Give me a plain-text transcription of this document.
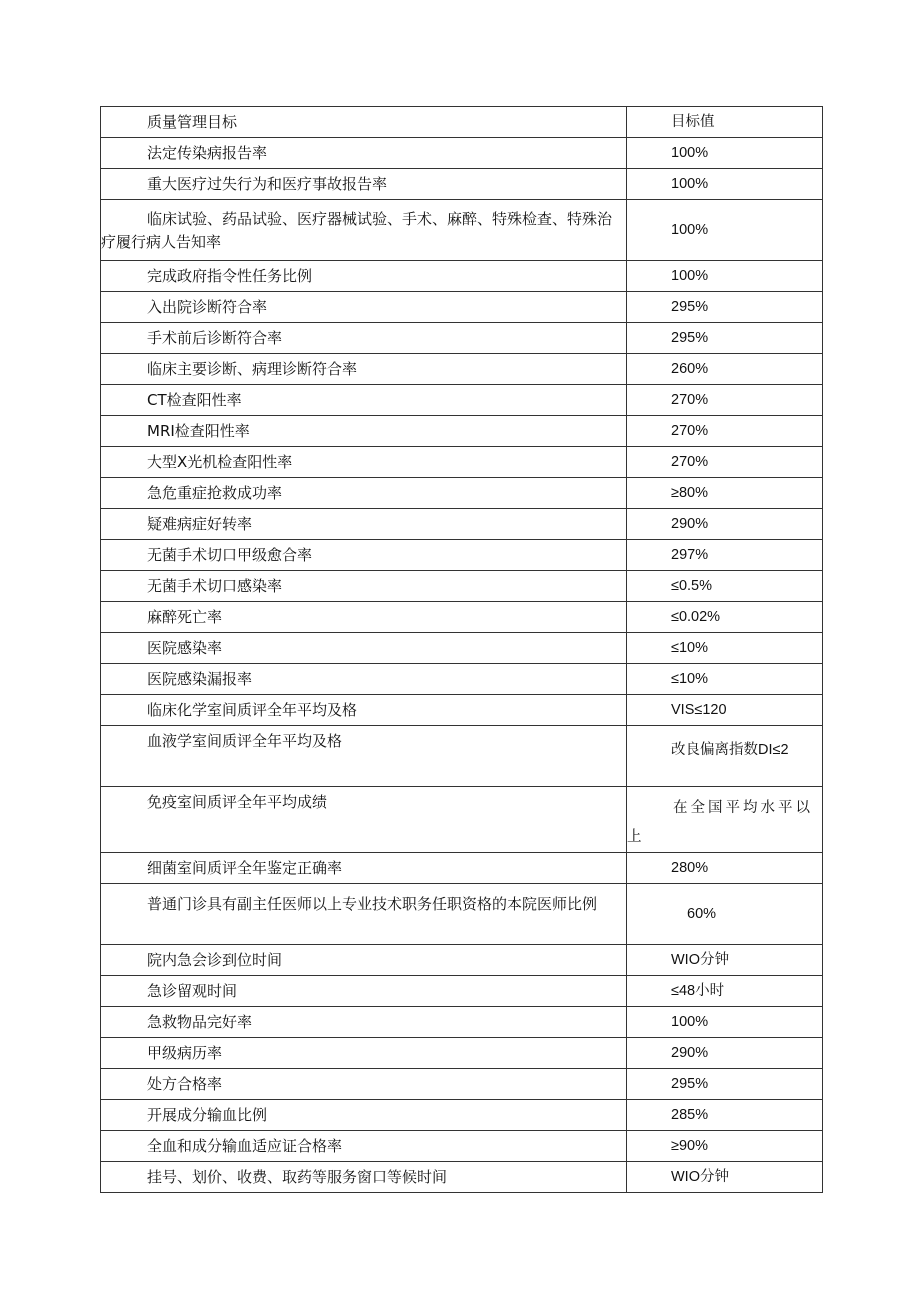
质量管理目标	目标值

法定传染病报告率	100%

重大医疗过失行为和医疗事故报告率	100%

临床试验、药品试验、医疗器械试验、手术、麻醉、特殊检查、特殊治疗履行病人告知率	100%

完成政府指令性任务比例	100%

入出院诊断符合率	295%

手术前后诊断符合率	295%

临床主要诊断、病理诊断符合率	260%

CT检查阳性率	270%

MRI检查阳性率	270%

大型X光机检查阳性率	270%

急危重症抢救成功率	≥80%

疑难病症好转率	290%

无菌手术切口甲级愈合率	297%

无菌手术切口感染率	≤0.5%

麻醉死亡率	≤0.02%

医院感染率	≤10%

医院感染漏报率	≤10%

临床化学室间质评全年平均及格	VIS≤120

血液学室间质评全年平均及格	改良偏离指数DI≤2

免疫室间质评全年平均成绩	在全国平均水平以上

细菌室间质评全年鉴定正确率	280%

普通门诊具有副主任医师以上专业技术职务任职资格的本院医师比例	60%

院内急会诊到位时间	WIO分钟

急诊留观时间	≤48小时

急救物品完好率	100%

甲级病历率	290%

处方合格率	295%

开展成分输血比例	285%

全血和成分输血适应证合格率	≥90%

挂号、划价、收费、取药等服务窗口等候时间	WIO分钟
